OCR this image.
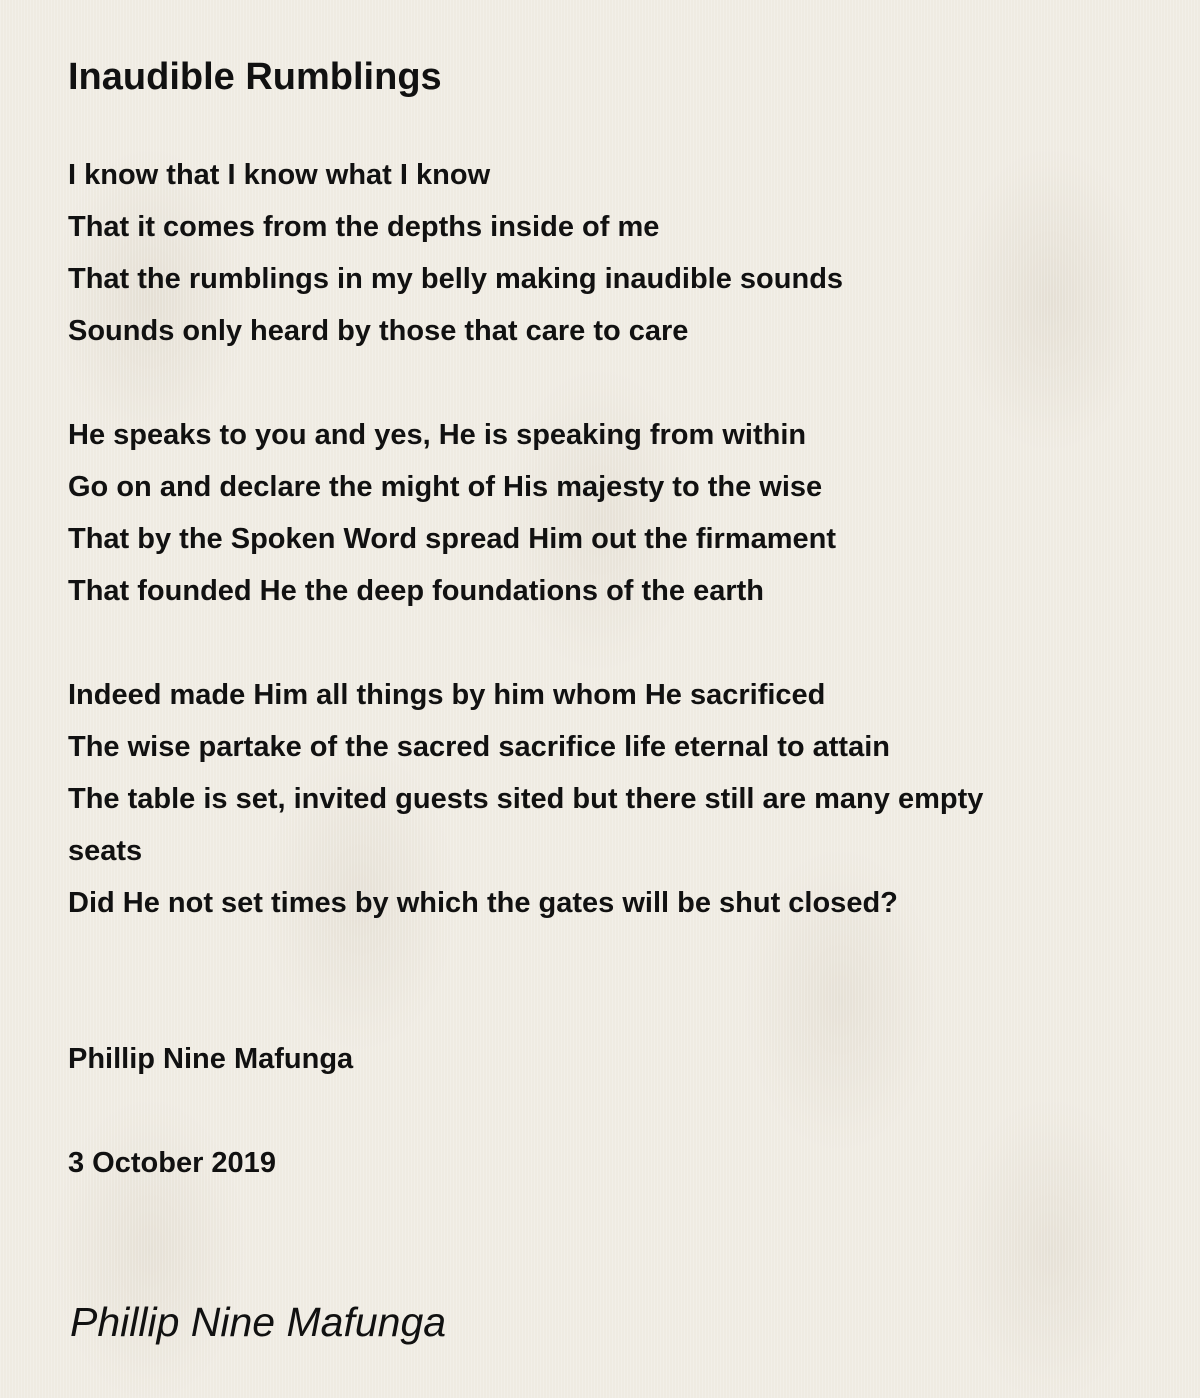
Inaudible Rumblings
I know that I know what I know
That it comes from the depths inside of me
That the rumblings in my belly making inaudible sounds
Sounds only heard by those that care to care
He speaks to you and yes, He is speaking from within
Go on and declare the might of His majesty to the wise
That by the Spoken Word spread Him out the firmament
That founded He the deep foundations of the earth
Indeed made Him all things by him whom He sacrificed
The wise partake of the sacred sacrifice life eternal to attain
The table is set, invited guests sited but there still are many empty seats
Did He not set times by which the gates will be shut closed?
Phillip Nine Mafunga
3 October 2019
Phillip Nine Mafunga
